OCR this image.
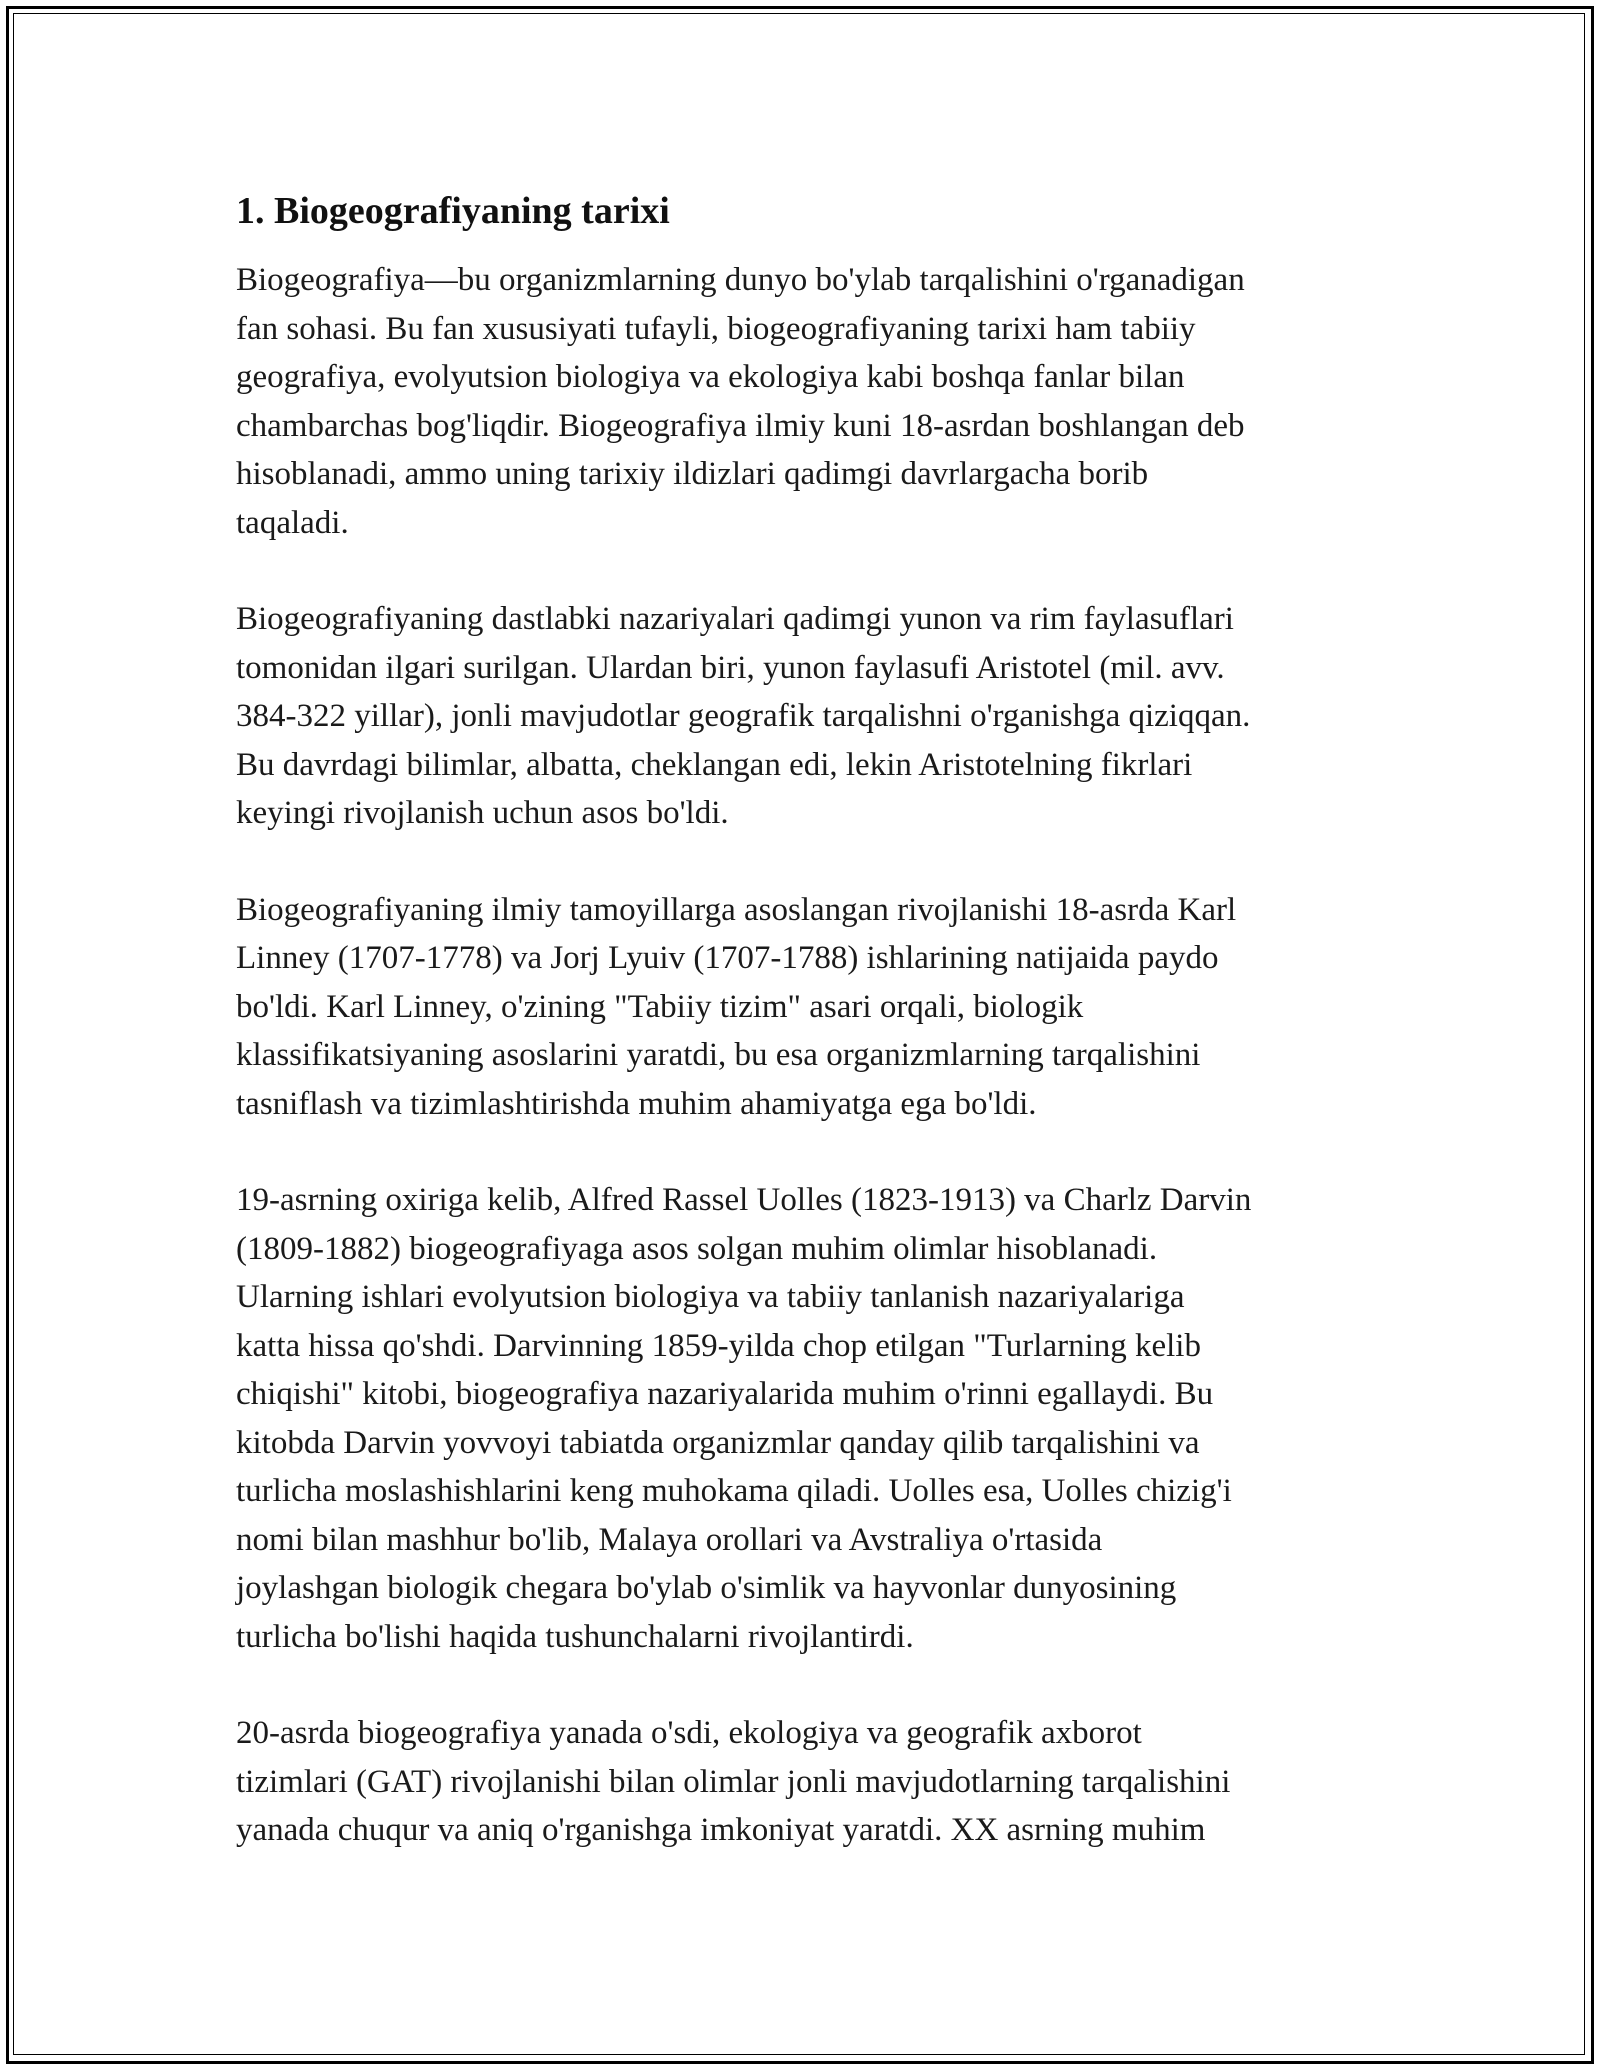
1. Biogeografiyaning tarixi

Biogeografiya—bu organizmlarning dunyo bo'ylab tarqalishini o'rganadigan
fan sohasi. Bu fan xususiyati tufayli, biogeografiyaning tarixi ham tabiiy
geografiya, evolyutsion biologiya va ekologiya kabi boshqa fanlar bilan
chambarchas bog'liqdir. Biogeografiya ilmiy kuni 18-asrdan boshlangan deb
hisoblanadi, ammo uning tarixiy ildizlari qadimgi davrlargacha borib
taqaladi.

Biogeografiyaning dastlabki nazariyalari qadimgi yunon va rim faylasuflari
tomonidan ilgari surilgan. Ulardan biri, yunon faylasufi Aristotel (mil. avv.
384-322 yillar), jonli mavjudotlar geografik tarqalishni o'rganishga qiziqqan.
Bu davrdagi bilimlar, albatta, cheklangan edi, lekin Aristotelning fikrlari
keyingi rivojlanish uchun asos bo'ldi.

Biogeografiyaning ilmiy tamoyillarga asoslangan rivojlanishi 18-asrda Karl
Linney (1707-1778) va Jorj Lyuiv (1707-1788) ishlarining natijaida paydo
bo'ldi. Karl Linney, o'zining "Tabiiy tizim" asari orqali, biologik
klassifikatsiyaning asoslarini yaratdi, bu esa organizmlarning tarqalishini
tasniflash va tizimlashtirishda muhim ahamiyatga ega bo'ldi.

19-asrning oxiriga kelib, Alfred Rassel Uolles (1823-1913) va Charlz Darvin
(1809-1882) biogeografiyaga asos solgan muhim olimlar hisoblanadi.
Ularning ishlari evolyutsion biologiya va tabiiy tanlanish nazariyalariga
katta hissa qo'shdi. Darvinning 1859-yilda chop etilgan "Turlarning kelib
chiqishi" kitobi, biogeografiya nazariyalarida muhim o'rinni egallaydi. Bu
kitobda Darvin yovvoyi tabiatda organizmlar qanday qilib tarqalishini va
turlicha moslashishlarini keng muhokama qiladi. Uolles esa, Uolles chizig'i
nomi bilan mashhur bo'lib, Malaya orollari va Avstraliya o'rtasida
joylashgan biologik chegara bo'ylab o'simlik va hayvonlar dunyosining
turlicha bo'lishi haqida tushunchalarni rivojlantirdi.

20-asrda biogeografiya yanada o'sdi, ekologiya va geografik axborot
tizimlari (GAT) rivojlanishi bilan olimlar jonli mavjudotlarning tarqalishini
yanada chuqur va aniq o'rganishga imkoniyat yaratdi. XX asrning muhim
